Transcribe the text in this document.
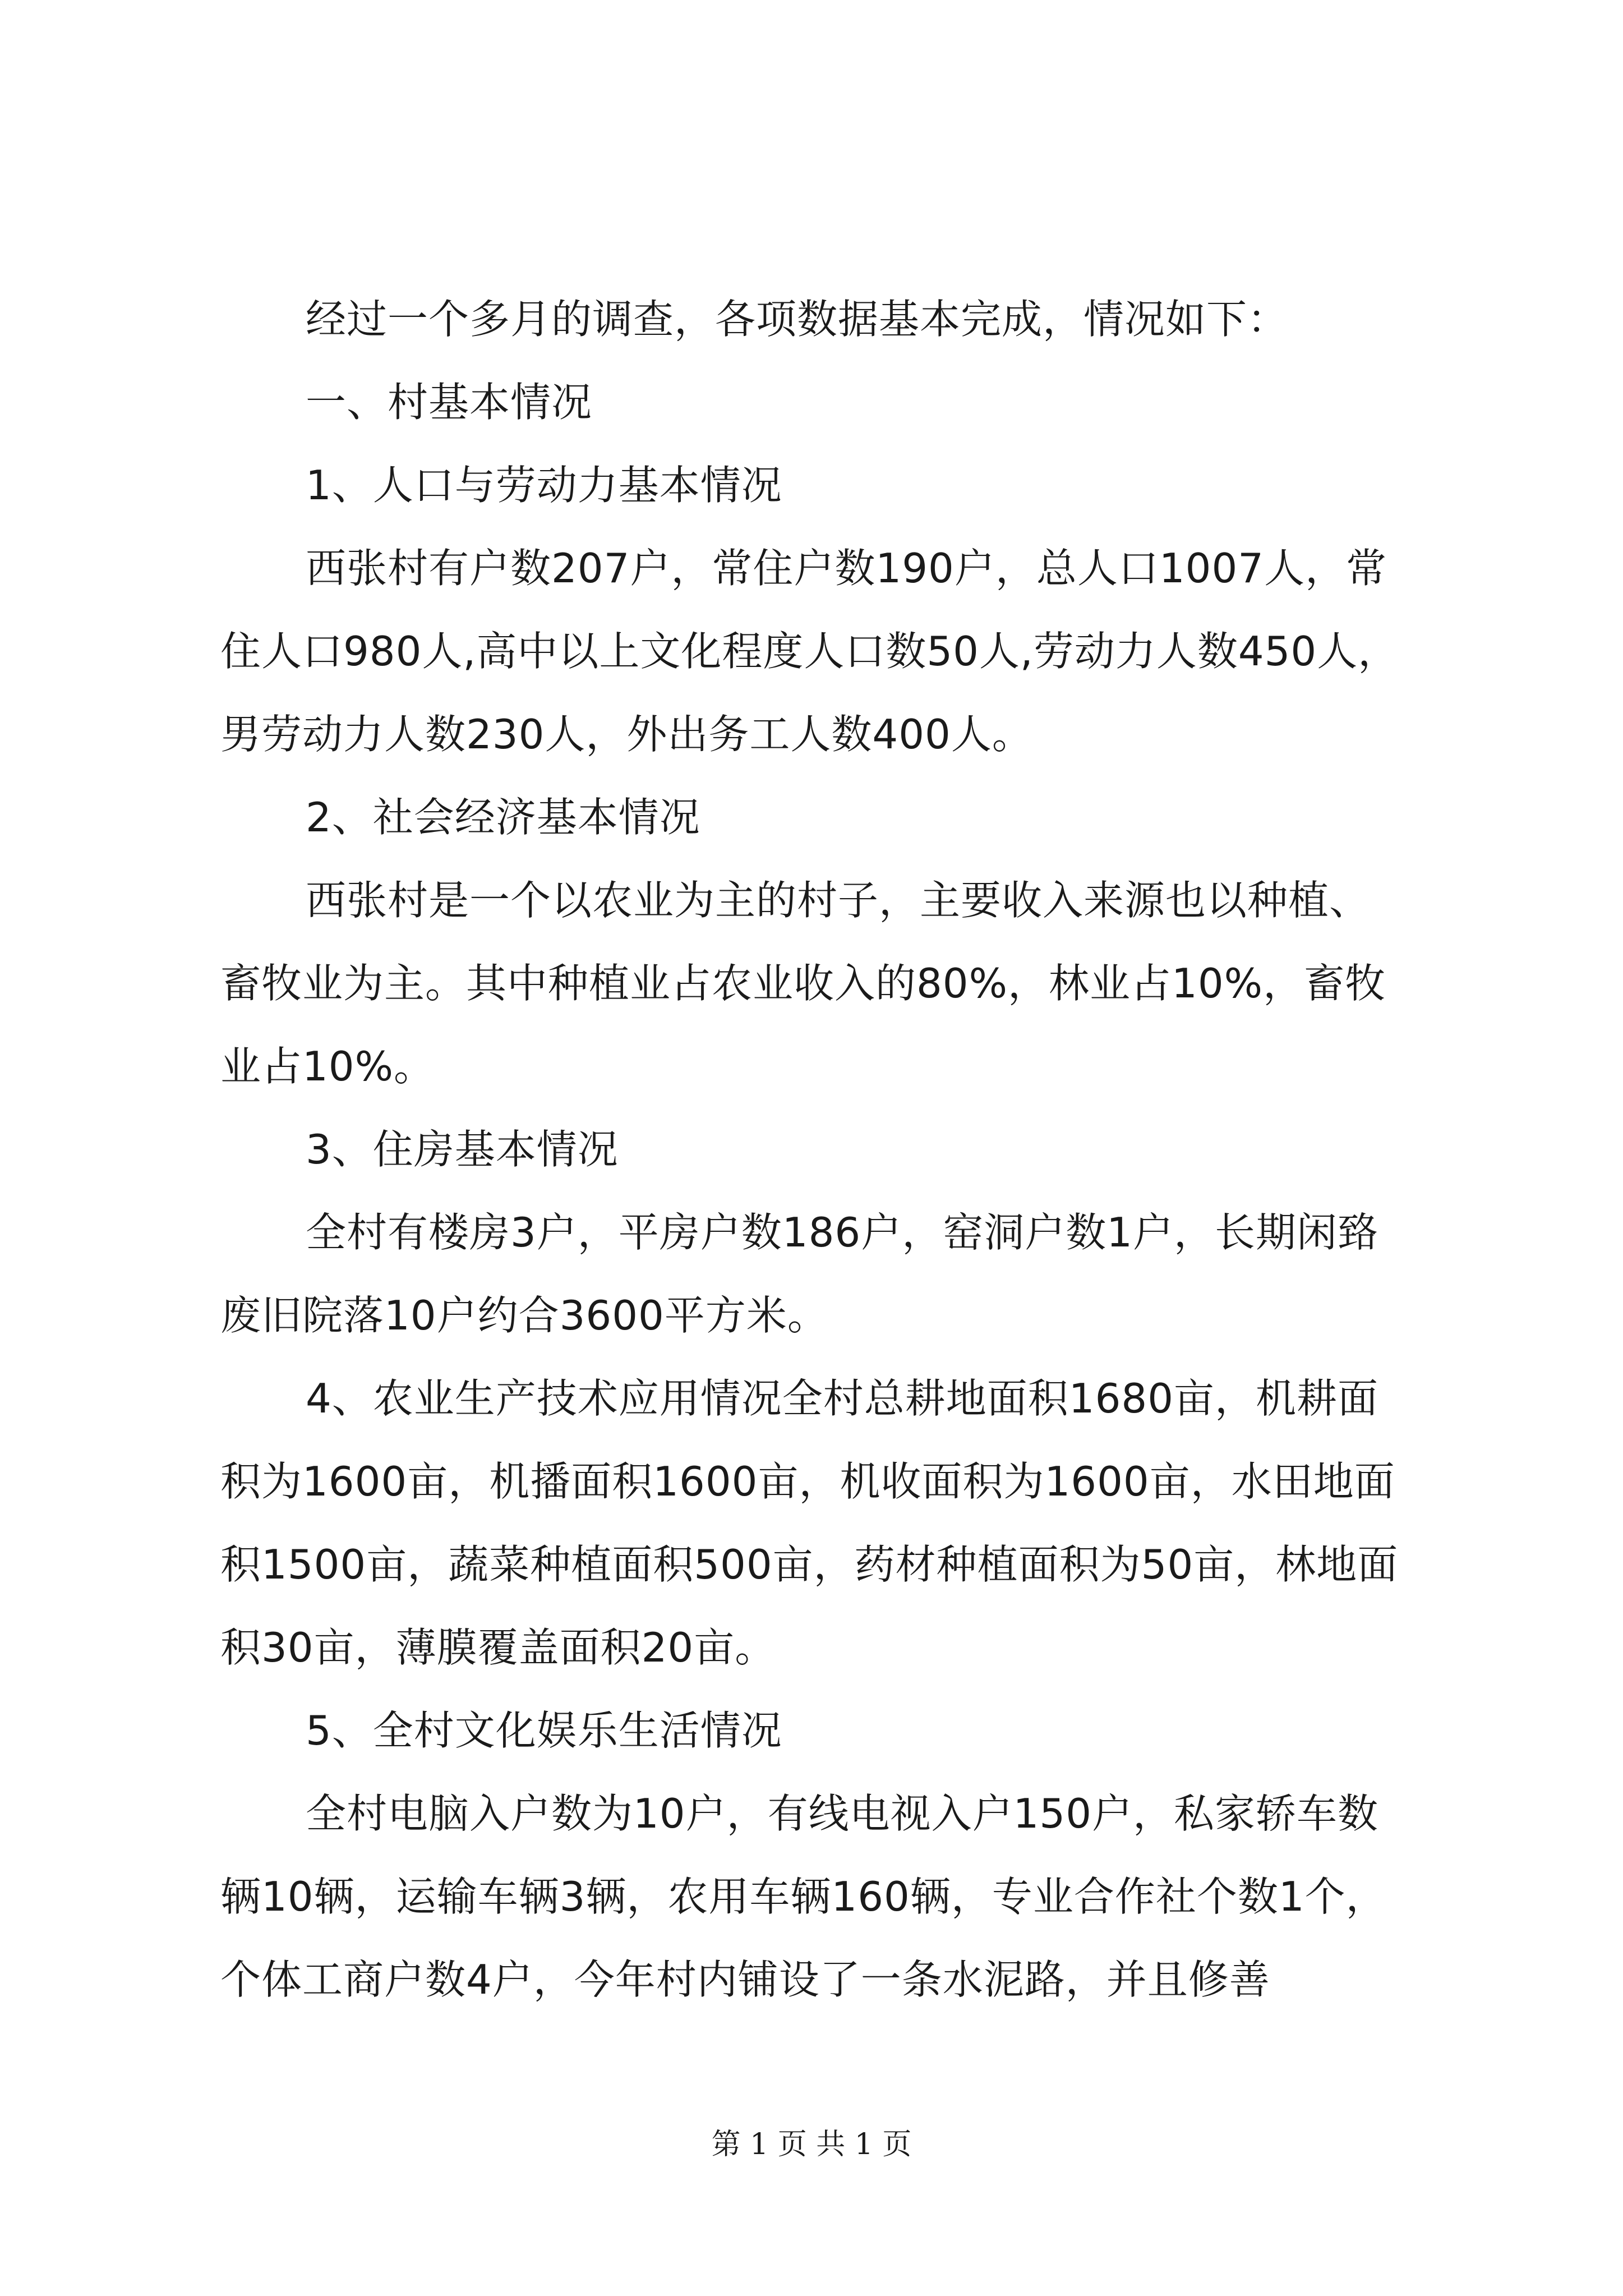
经过一个多月的调查，各项数据基本完成，情况如下：

一、村基本情况

1、人口与劳动力基本情况

西张村有户数207户，常住户数190户，总人口1007人，常住人口980人,高中以上文化程度人口数50人,劳动力人数450人，男劳动力人数230人，外出务工人数400人。

2、社会经济基本情况

西张村是一个以农业为主的村子，主要收入来源也以种植、畜牧业为主。其中种植业占农业收入的80%，林业占10%，畜牧业占10%。

3、住房基本情况

全村有楼房3户，平房户数186户，窑洞户数1户，长期闲臵废旧院落10户约合3600平方米。

4、农业生产技术应用情况全村总耕地面积1680亩，机耕面积为1600亩，机播面积1600亩，机收面积为1600亩，水田地面积1500亩，蔬菜种植面积500亩，药材种植面积为50亩，林地面积30亩，薄膜覆盖面积20亩。

5、全村文化娱乐生活情况

全村电脑入户数为10户，有线电视入户150户，私家轿车数辆10辆，运输车辆3辆，农用车辆160辆，专业合作社个数1个，个体工商户数4户，今年村内铺设了一条水泥路，并且修善

第 1 页 共 1 页
